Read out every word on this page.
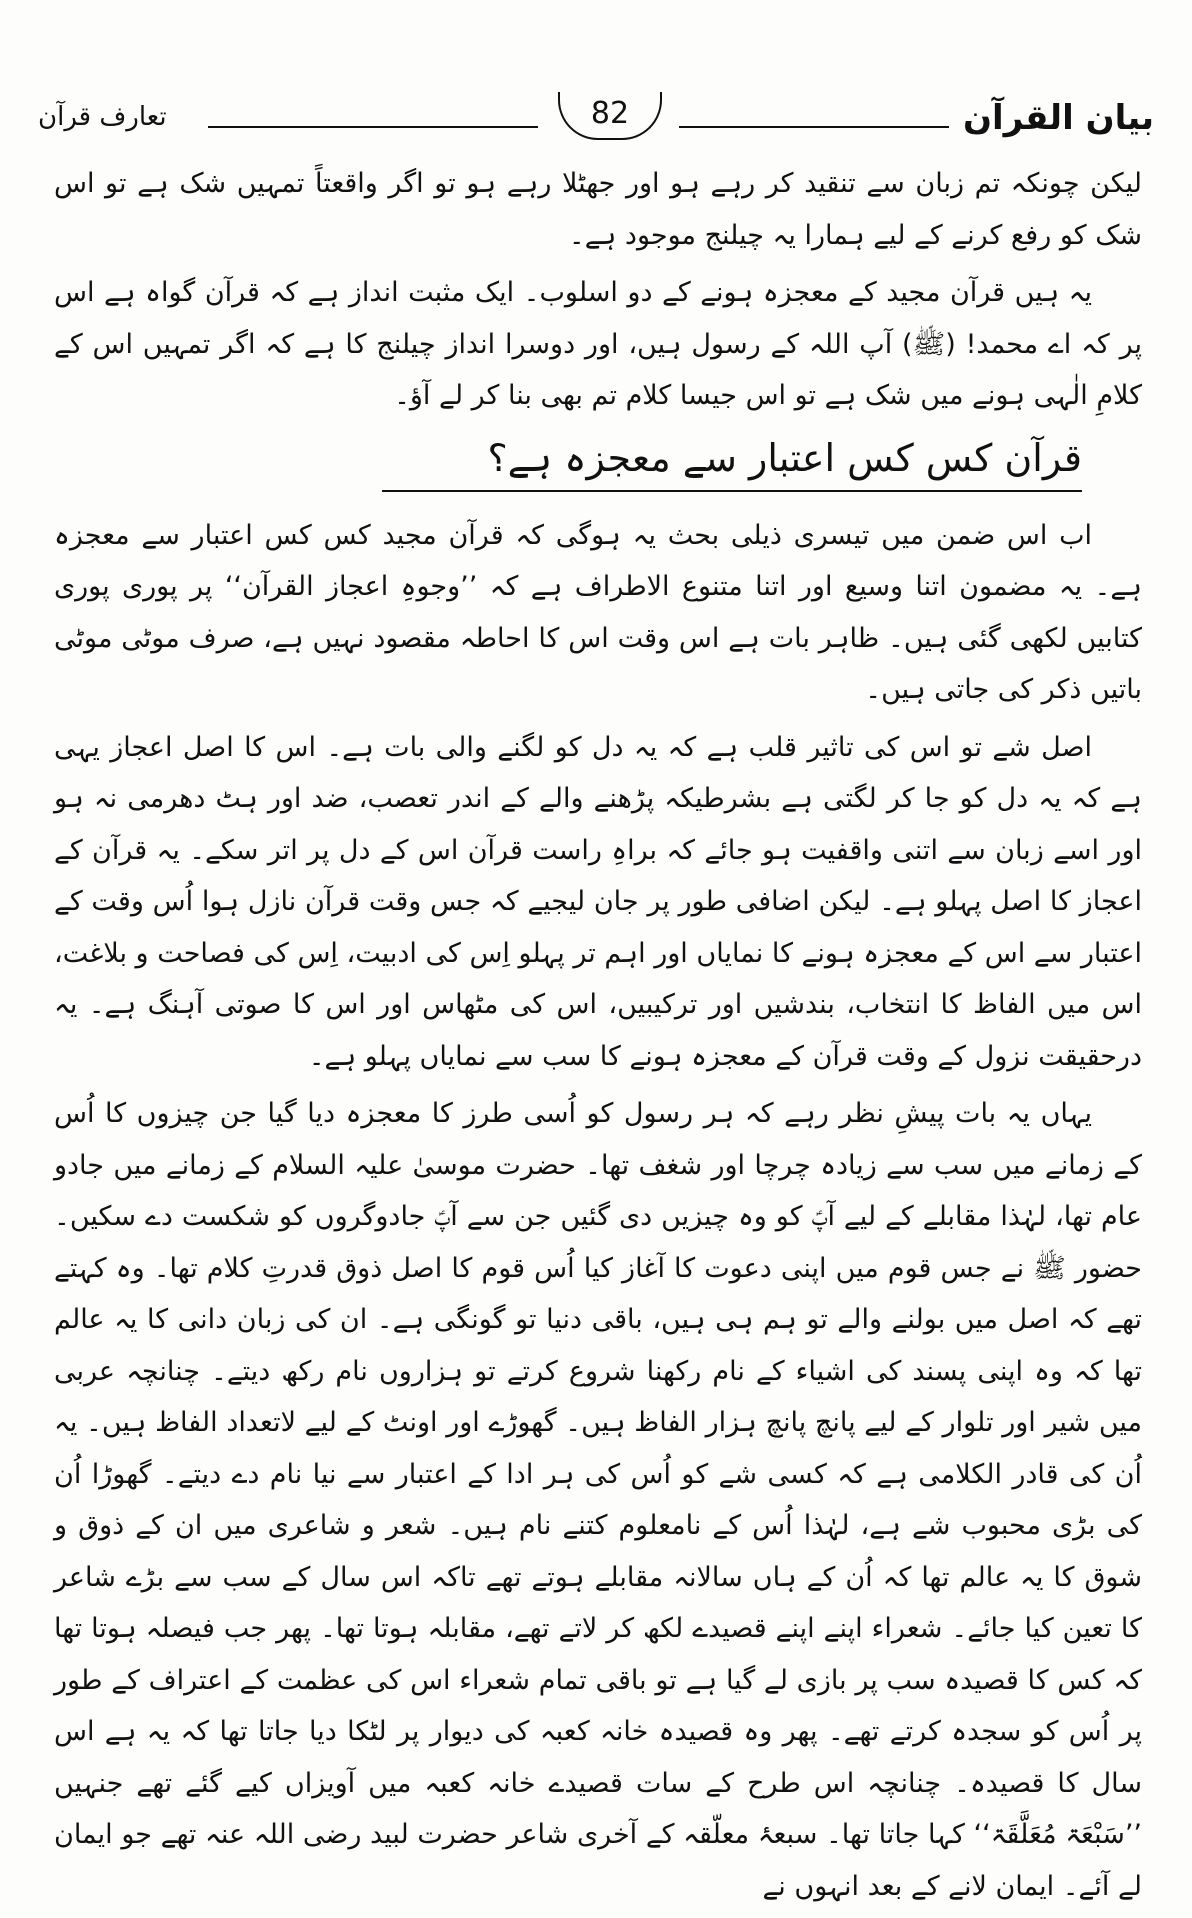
بیان القرآن
82
تعارف قرآن

لیکن چونکہ تم زبان سے تنقید کر رہے ہو اور جھٹلا رہے ہو تو اگر واقعتاً تمہیں شک ہے تو اس شک کو رفع کرنے کے لیے ہمارا یہ چیلنج موجود ہے۔

یہ ہیں قرآن مجید کے معجزہ ہونے کے دو اسلوب۔ ایک مثبت انداز ہے کہ قرآن گواہ ہے اس پر کہ اے محمد! (ﷺ) آپ اللہ کے رسول ہیں، اور دوسرا انداز چیلنج کا ہے کہ اگر تمہیں اس کے کلامِ الٰہی ہونے میں شک ہے تو اس جیسا کلام تم بھی بنا کر لے آؤ۔

قرآن کس کس اعتبار سے معجزہ ہے؟

اب اس ضمن میں تیسری ذیلی بحث یہ ہوگی کہ قرآن مجید کس کس اعتبار سے معجزہ ہے۔ یہ مضمون اتنا وسیع اور اتنا متنوع الاطراف ہے کہ ’’وجوہِ اعجاز القرآن‘‘ پر پوری پوری کتابیں لکھی گئی ہیں۔ ظاہر بات ہے اس وقت اس کا احاطہ مقصود نہیں ہے، صرف موٹی موٹی باتیں ذکر کی جاتی ہیں۔

اصل شے تو اس کی تاثیر قلب ہے کہ یہ دل کو لگنے والی بات ہے۔ اس کا اصل اعجاز یہی ہے کہ یہ دل کو جا کر لگتی ہے بشرطیکہ پڑھنے والے کے اندر تعصب، ضد اور ہٹ دھرمی نہ ہو اور اسے زبان سے اتنی واقفیت ہو جائے کہ براہِ راست قرآن اس کے دل پر اتر سکے۔ یہ قرآن کے اعجاز کا اصل پہلو ہے۔ لیکن اضافی طور پر جان لیجیے کہ جس وقت قرآن نازل ہوا اُس وقت کے اعتبار سے اس کے معجزہ ہونے کا نمایاں اور اہم تر پہلو اِس کی ادبیت، اِس کی فصاحت و بلاغت، اس میں الفاظ کا انتخاب، بندشیں اور ترکیبیں، اس کی مٹھاس اور اس کا صوتی آہنگ ہے۔ یہ درحقیقت نزول کے وقت قرآن کے معجزہ ہونے کا سب سے نمایاں پہلو ہے۔

یہاں یہ بات پیشِ نظر رہے کہ ہر رسول کو اُسی طرز کا معجزہ دیا گیا جن چیزوں کا اُس کے زمانے میں سب سے زیادہ چرچا اور شغف تھا۔ حضرت موسیٰ علیہ السلام کے زمانے میں جادو عام تھا، لہٰذا مقابلے کے لیے آپؑ کو وہ چیزیں دی گئیں جن سے آپؑ جادوگروں کو شکست دے سکیں۔ حضور ﷺ نے جس قوم میں اپنی دعوت کا آغاز کیا اُس قوم کا اصل ذوق قدرتِ کلام تھا۔ وہ کہتے تھے کہ اصل میں بولنے والے تو ہم ہی ہیں، باقی دنیا تو گونگی ہے۔ ان کی زبان دانی کا یہ عالم تھا کہ وہ اپنی پسند کی اشیاء کے نام رکھنا شروع کرتے تو ہزاروں نام رکھ دیتے۔ چنانچہ عربی میں شیر اور تلوار کے لیے پانچ پانچ ہزار الفاظ ہیں۔ گھوڑے اور اونٹ کے لیے لاتعداد الفاظ ہیں۔ یہ اُن کی قادر الکلامی ہے کہ کسی شے کو اُس کی ہر ادا کے اعتبار سے نیا نام دے دیتے۔ گھوڑا اُن کی بڑی محبوب شے ہے، لہٰذا اُس کے نامعلوم کتنے نام ہیں۔ شعر و شاعری میں ان کے ذوق و شوق کا یہ عالم تھا کہ اُن کے ہاں سالانہ مقابلے ہوتے تھے تاکہ اس سال کے سب سے بڑے شاعر کا تعین کیا جائے۔ شعراء اپنے اپنے قصیدے لکھ کر لاتے تھے، مقابلہ ہوتا تھا۔ پھر جب فیصلہ ہوتا تھا کہ کس کا قصیدہ سب پر بازی لے گیا ہے تو باقی تمام شعراء اس کی عظمت کے اعتراف کے طور پر اُس کو سجدہ کرتے تھے۔ پھر وہ قصیدہ خانہ کعبہ کی دیوار پر لٹکا دیا جاتا تھا کہ یہ ہے اس سال کا قصیدہ۔ چنانچہ اس طرح کے سات قصیدے خانہ کعبہ میں آویزاں کیے گئے تھے جنہیں ’’سَبْعَۃ مُعَلَّقَۃ‘‘ کہا جاتا تھا۔ سبعۂ معلّقہ کے آخری شاعر حضرت لبید رضی اللہ عنہ تھے جو ایمان لے آئے۔ ایمان لانے کے بعد انہوں نے
